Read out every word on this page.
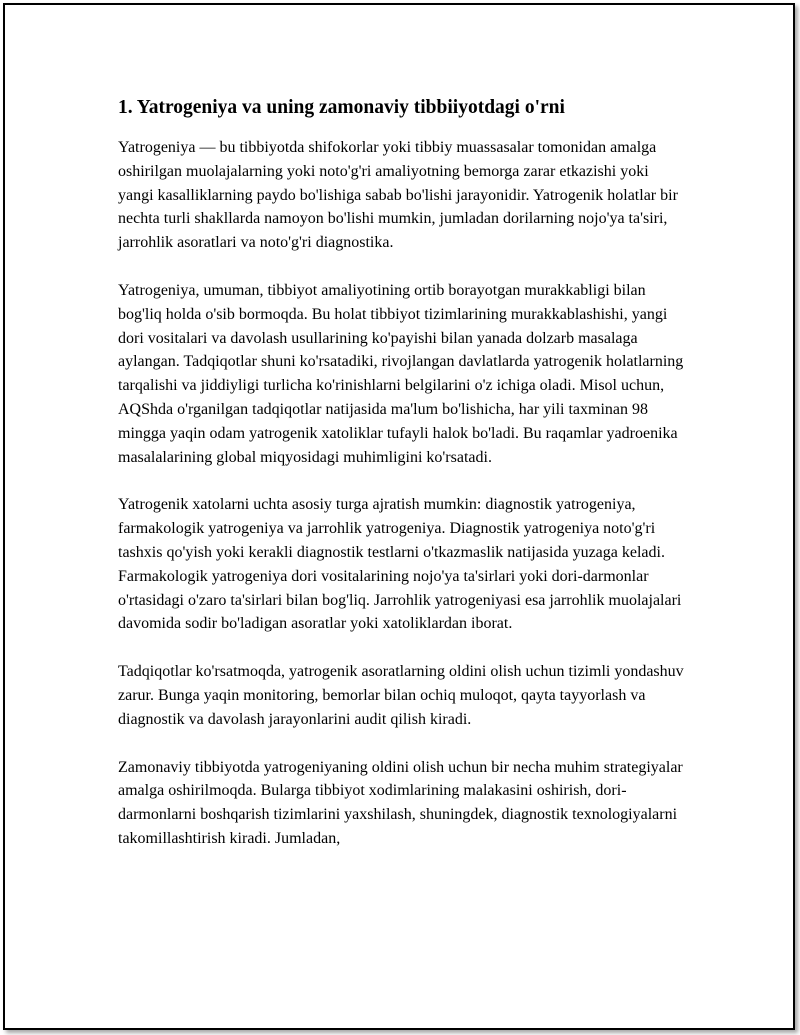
1. Yatrogeniya va uning zamonaviy tibbiiyotdagi o'rni

Yatrogeniya — bu tibbiyotda shifokorlar yoki tibbiy muassasalar tomonidan amalga oshirilgan muolajalarning yoki noto'g'ri amaliyotning bemorga zarar etkazishi yoki yangi kasalliklarning paydo bo'lishiga sabab bo'lishi jarayonidir. Yatrogenik holatlar bir nechta turli shakllarda namoyon bo'lishi mumkin, jumladan dorilarning nojo'ya ta'siri, jarrohlik asoratlari va noto'g'ri diagnostika.

Yatrogeniya, umuman, tibbiyot amaliyotining ortib borayotgan murakkabligi bilan bog'liq holda o'sib bormoqda. Bu holat tibbiyot tizimlarining murakkablashishi, yangi dori vositalari va davolash usullarining ko'payishi bilan yanada dolzarb masalaga aylangan. Tadqiqotlar shuni ko'rsatadiki, rivojlangan davlatlarda yatrogenik holatlarning tarqalishi va jiddiyligi turlicha ko'rinishlarni belgilarini o'z ichiga oladi. Misol uchun, AQShda o'rganilgan tadqiqotlar natijasida ma'lum bo'lishicha, har yili taxminan 98 mingga yaqin odam yatrogenik xatoliklar tufayli halok bo'ladi. Bu raqamlar yadroenika masalalarining global miqyosidagi muhimligini ko'rsatadi.

Yatrogenik xatolarni uchta asosiy turga ajratish mumkin: diagnostik yatrogeniya, farmakologik yatrogeniya va jarrohlik yatrogeniya. Diagnostik yatrogeniya noto'g'ri tashxis qo'yish yoki kerakli diagnostik testlarni o'tkazmaslik natijasida yuzaga keladi. Farmakologik yatrogeniya dori vositalarining nojo'ya ta'sirlari yoki dori-darmonlar o'rtasidagi o'zaro ta'sirlari bilan bog'liq. Jarrohlik yatrogeniyasi esa jarrohlik muolajalari davomida sodir bo'ladigan asoratlar yoki xatoliklardan iborat.

Tadqiqotlar ko'rsatmoqda, yatrogenik asoratlarning oldini olish uchun tizimli yondashuv zarur. Bunga yaqin monitoring, bemorlar bilan ochiq muloqot, qayta tayyorlash va diagnostik va davolash jarayonlarini audit qilish kiradi.

Zamonaviy tibbiyotda yatrogeniyaning oldini olish uchun bir necha muhim strategiyalar amalga oshirilmoqda. Bularga tibbiyot xodimlarining malakasini oshirish, dori-darmonlarni boshqarish tizimlarini yaxshilash, shuningdek, diagnostik texnologiyalarni takomillashtirish kiradi. Jumladan,
